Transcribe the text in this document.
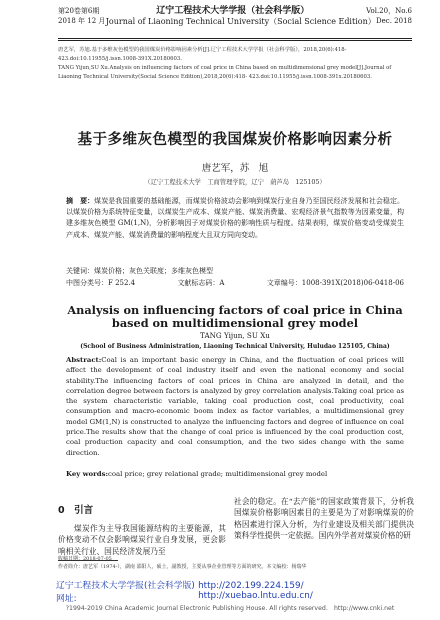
第20卷第6期	辽宁工程技术大学学报（社会科学版）	Vol.20，No.6
2018 年 12 月 Journal of Liaoning Technical University（Social Science Edition） Dec. 2018

唐艺军，苏旭.基于多维灰色模型的我国煤炭价格影响因素分析[J].辽宁工程技术大学学报（社会科学版），2018,20(6):418-423.doi:10.11955/j.issn.1008-391X.20180603.

TANG Yijun,SU Xu.Analysis on influencing factors of coal price in China based on multidimensional grey model[J].Journal of Liaoning Technical University(Social Science Edition),2018,20(6):418- 423.doi:10.11955/j.issn.1008-391x.20180603.

基于多维灰色模型的我国煤炭价格影响因素分析
唐艺军，苏　旭
（辽宁工程技术大学　工商管理学院，辽宁　葫芦岛　125105）
摘　要：煤炭是我国重要的基础能源，而煤炭价格波动会影响到煤炭行业自身乃至国民经济发展和社会稳定。以煤炭价格为系统特征变量，以煤炭生产成本、煤炭产能、煤炭消费量、宏观经济景气指数等为因素变量，构建多维灰色模型 GM(1,N)，分析影响因子对煤炭价格的影响性质与程度。结果表明，煤炭价格变动受煤炭生产成本、煤炭产能、煤炭消费量的影响程度大且双方同向变动。
关键词：煤炭价格；灰色关联度；多维灰色模型
中图分类号：F 252.4	文献标志码：A	文章编号：1008-391X(2018)06-0418-06
Analysis on influencing factors of coal price in China based on multidimensional grey model
TANG Yijun, SU Xu
(School of Business Administration, Liaoning Technical University, Huludao 125105, China)
Abstract:Coal is an important basic energy in China, and the fluctuation of coal prices will affect the development of coal industry itself and even the national economy and social stability.The influencing factors of coal prices in China are analyzed in detail, and the correlation degree between factors is analyzed by grey correlation analysis.Taking coal price as the system characteristic variable, taking coal production cost, coal productivity, coal consumption and macro-economic boom index as factor variables, a multidimensional grey model GM(1,N) is constructed to analyze the influencing factors and degree of influence on coal price.The results show that the change of coal price is influenced by the coal production cost, coal production capacity and coal consumption, and the two sides change with the same direction.
Key words:coal price; grey relational grade; multidimensional grey model
0　引言

煤炭作为主导我国能源结构的主要能源，其价格变动不仅会影响煤炭行业自身发展，更会影响相关行业、国民经济发展乃至

社会的稳定。在“去产能”的国家政策背景下，分析我国煤炭价格影响因素目的主要是为了对影响煤炭的价格因素进行深入分析，为行业建设及相关部门提供决策科学性提供一定依据。国内外学者对煤炭价格的研

收稿日期：2018-07-05
作者简介：唐艺军（1974-），湖南 邵阳人，硕士，副教授，主要从事企业管理等方面的研究。本文编校：杨瑞华
辽宁工程技术大学学报(社会科学版)网址:
http://202.199.224.159/　　http://xuebao.lntu.edu.cn/
?1994-2019 China Academic Journal Electronic Publishing House. All rights reserved.　http://www.cnki.net
